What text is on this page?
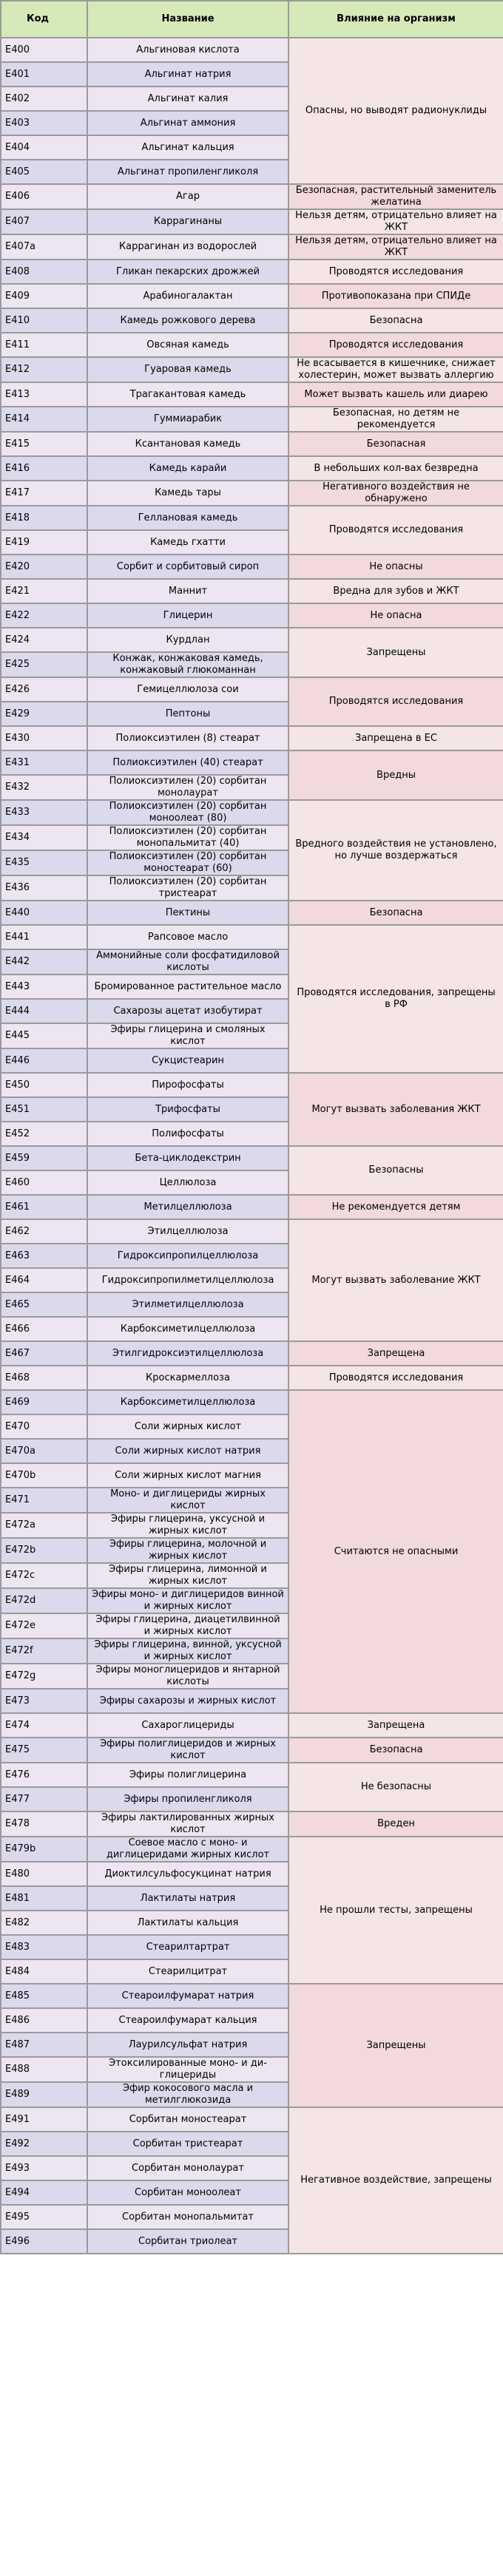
Код	Название	Влияние на организм
E400	Альгиновая кислота	Опасны, но выводят радионуклиды
E401	Альгинат натрия	
E402	Альгинат калия	
E403	Альгинат аммония	
E404	Альгинат кальция	
E405	Альгинат пропиленгликоля	
E406	Агар	Безопасная, растительный заменитель желатина
E407	Каррагинаны	Нельзя детям, отрицательно влияет на ЖКТ
E407a	Каррагинан из водорослей	Нельзя детям, отрицательно влияет на ЖКТ
E408	Гликан пекарских дрожжей	Проводятся исследования
E409	Арабиногалактан	Противопоказана при СПИДе
E410	Камедь рожкового дерева	Безопасна
E411	Овсяная камедь	Проводятся исследования
E412	Гуаровая камедь	Не всасывается в кишечнике, снижает холестерин, может вызвать аллергию
E413	Трагакантовая камедь	Может вызвать кашель или диарею
E414	Гуммиарабик	Безопасная, но детям не рекомендуется
E415	Ксантановая камедь	Безопасная
E416	Камедь карайи	В небольших кол-вах безвредна
E417	Камедь тары	Негативного воздействия не обнаружено
E418	Геллановая камедь	Проводятся исследования
E419	Камедь гхатти	
E420	Сорбит и сорбитовый сироп	Не опасны
E421	Маннит	Вредна для зубов и ЖКТ
E422	Глицерин	Не опасна
E424	Курдлан	Запрещены
E425	Конжак, конжаковая камедь, конжаковый глюкоманнан	
E426	Гемицеллюлоза сои	Проводятся исследования
E429	Пептоны	
E430	Полиоксиэтилен (8) стеарат	Запрещена в ЕС
E431	Полиоксиэтилен (40) стеарат	Вредны
E432	Полиоксиэтилен (20) сорбитан монолаурат	
E433	Полиоксиэтилен (20) сорбитан моноолеат (80)	Вредного воздействия не установлено, но лучше воздержаться
E434	Полиоксиэтилен (20) сорбитан монопальмитат (40)	
E435	Полиоксиэтилен (20) сорбитан моностеарат (60)	
E436	Полиоксиэтилен (20) сорбитан тристеарат	
E440	Пектины	Безопасна
E441	Рапсовое масло	Проводятся исследования, запрещены в РФ
E442	Аммонийные соли фосфатидиловой кислоты	
E443	Бромированное растительное масло	
E444	Сахарозы ацетат изобутират	
E445	Эфиры глицерина и смоляных кислот	
E446	Сукцистеарин	
E450	Пирофосфаты	Могут вызвать заболевания ЖКТ
E451	Трифосфаты	
E452	Полифосфаты	
E459	Бета-циклодекстрин	Безопасны
E460	Целлюлоза	
E461	Метилцеллюлоза	Не рекомендуется детям
E462	Этилцеллюлоза	Могут вызвать заболевание ЖКТ
E463	Гидроксипропилцеллюлоза	
E464	Гидроксипропилметилцеллюлоза	
E465	Этилметилцеллюлоза	
E466	Карбоксиметилцеллюлоза	
E467	Этилгидроксиэтилцеллюлоза	Запрещена
E468	Кроскармеллоза	Проводятся исследования
E469	Карбоксиметилцеллюлоза	Считаются не опасными
E470	Соли жирных кислот	
E470a	Соли жирных кислот натрия	
E470b	Соли жирных кислот магния	
E471	Моно- и диглицериды жирных кислот	
E472a	Эфиры глицерина, уксусной и жирных кислот	
E472b	Эфиры глицерина, молочной и жирных кислот	
E472c	Эфиры глицерина, лимонной и жирных кислот	
E472d	Эфиры моно- и диглицеридов винной и жирных кислот	
E472e	Эфиры глицерина, диацетилвинной и жирных кислот	
E472f	Эфиры глицерина, винной, уксусной и жирных кислот	
E472g	Эфиры моноглицеридов и янтарной кислоты	
E473	Эфиры сахарозы и жирных кислот	
E474	Сахароглицериды	Запрещена
E475	Эфиры полиглицеридов и жирных кислот	Безопасна
E476	Эфиры полиглицерина	Не безопасны
E477	Эфиры пропиленгликоля	
E478	Эфиры лактилированных жирных кислот	Вреден
E479b	Соевое масло с моно- и диглицеридами жирных кислот	Не прошли тесты, запрещены
E480	Диоктилсульфосукцинат натрия	
E481	Лактилаты натрия	
E482	Лактилаты кальция	
E483	Стеарилтартрат	
E484	Стеарилцитрат	
E485	Стеароилфумарат натрия	Запрещены
E486	Стеароилфумарат кальция	
E487	Лаурилсульфат натрия	
E488	Этоксилированные моно- и ди-глицериды	
E489	Эфир кокосового масла и метилглюкозида	
E491	Сорбитан моностеарат	Негативное воздействие, запрещены
E492	Сорбитан тристеарат	
E493	Сорбитан монолаурат	
E494	Сорбитан моноолеат	
E495	Сорбитан монопальмитат	
E496	Сорбитан триолеат	
